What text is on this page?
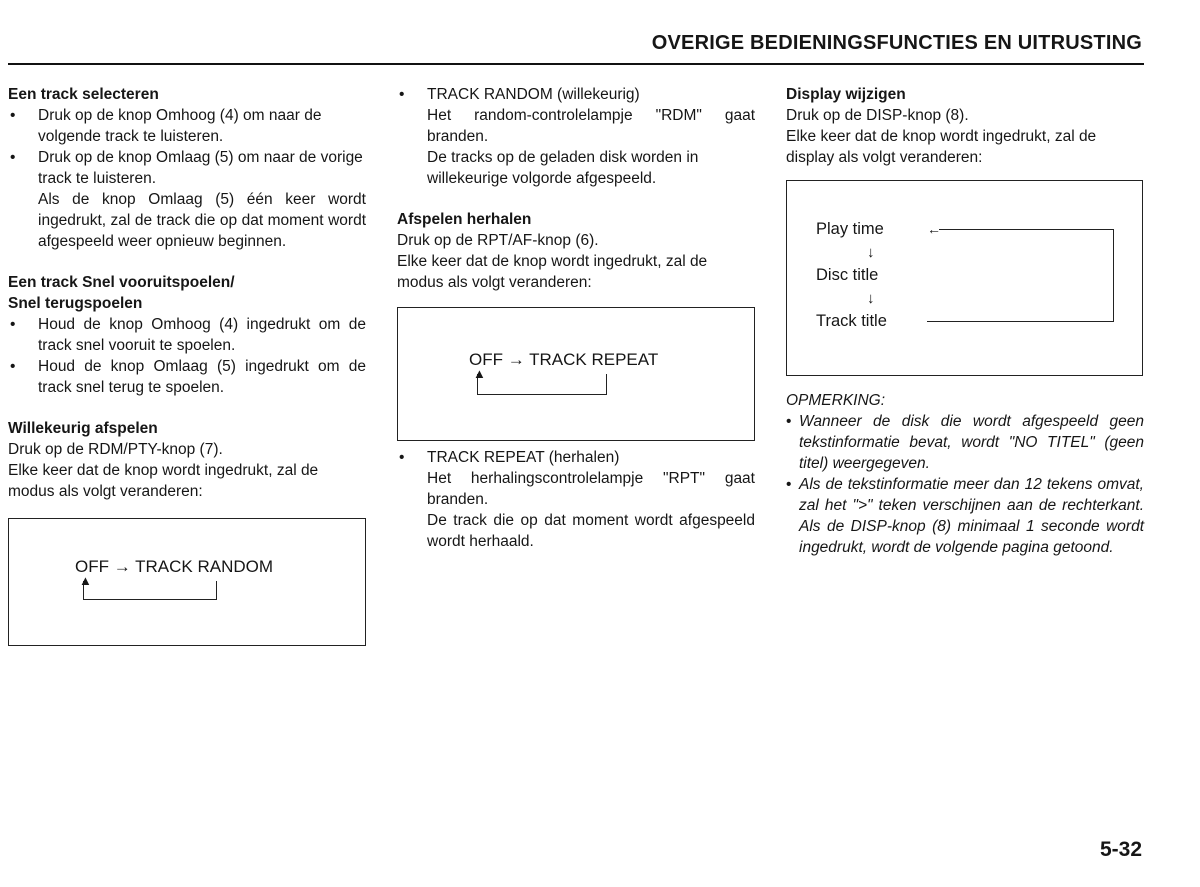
OVERIGE BEDIENINGSFUNCTIES EN UITRUSTING
Een track selecteren
•	Druk op de knop Omhoog (4) om naar de volgende track te luisteren.
•	Druk op de knop Omlaag (5) om naar de vorige track te luisteren.
Als de knop Omlaag (5) één keer wordt ingedrukt, zal de track die op dat moment wordt afgespeeld weer opnieuw beginnen.
Een track Snel vooruitspoelen/
Snel terugspoelen
•	Houd de knop Omhoog (4) ingedrukt om de track snel vooruit te spoelen.
•	Houd de knop Omlaag (5) ingedrukt om de track snel terug te spoelen.
Willekeurig afspelen

Druk op de RDM/PTY-knop (7).

Elke keer dat de knop wordt ingedrukt, zal de modus als volgt veranderen:

OFF → TRACK RANDOM
▲
•	TRACK RANDOM (willekeurig)
Het random-controlelampje "RDM" gaat branden.
De tracks op de geladen disk worden in willekeurige volgorde afgespeeld.
Afspelen herhalen

Druk op de RPT/AF-knop (6).

Elke keer dat de knop wordt ingedrukt, zal de modus als volgt veranderen:

OFF → TRACK REPEAT
▲
•	TRACK REPEAT (herhalen)
Het herhalingscontrolelampje "RPT" gaat branden.
De track die op dat moment wordt afgespeeld wordt herhaald.
Display wijzigen

Druk op de DISP-knop (8).

Elke keer dat de knop wordt ingedrukt, zal de display als volgt veranderen:

Play time
↓
Disc title
↓
Track title
←

OPMERKING:

• Wanneer de disk die wordt afgespeeld geen tekstinformatie bevat, wordt "NO TITEL" (geen titel) weergegeven.
• Als de tekstinformatie meer dan 12 tekens omvat, zal het ">" teken verschijnen aan de rechterkant. Als de DISP-knop (8) minimaal 1 seconde wordt ingedrukt, wordt de volgende pagina getoond.
5-32
